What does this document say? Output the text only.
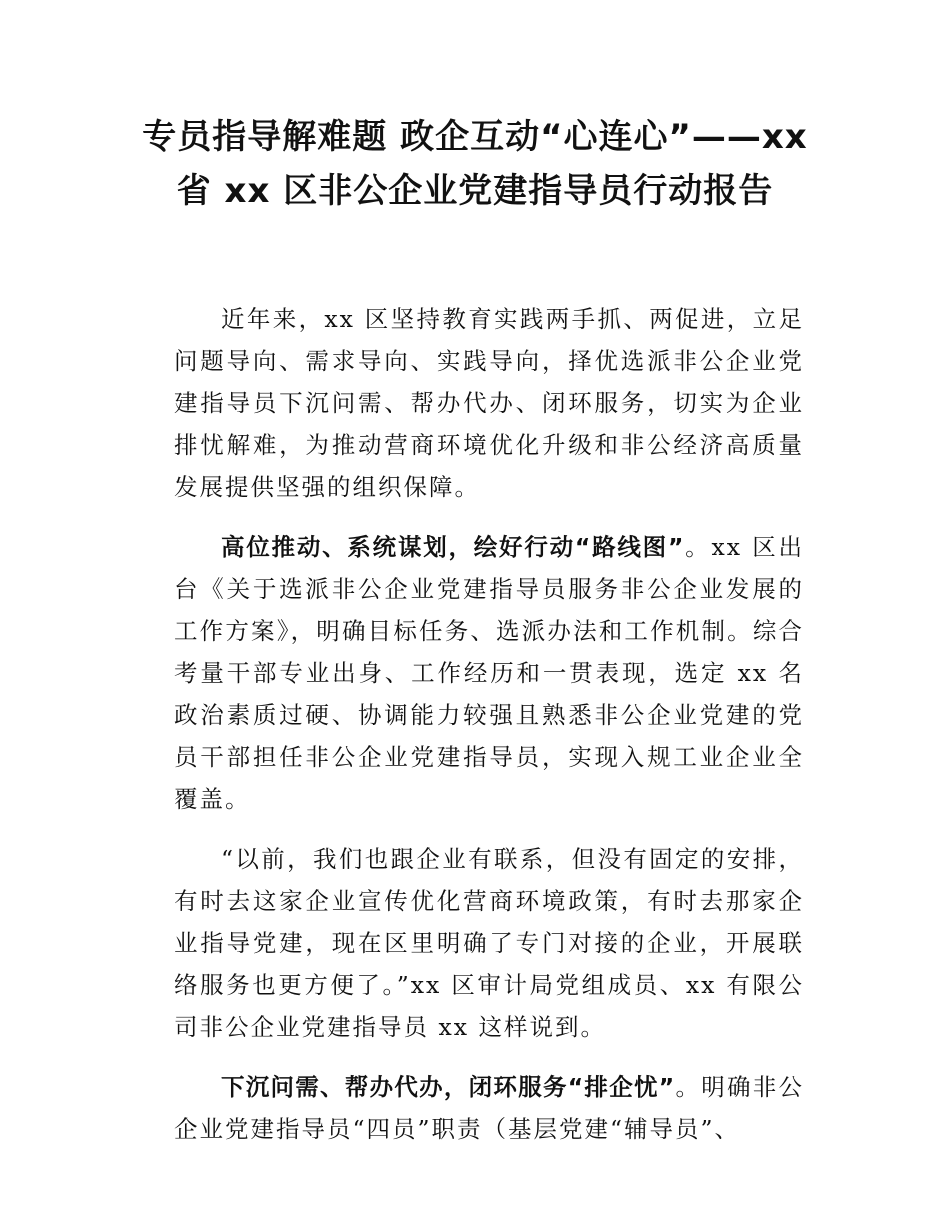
专员指导解难题 政企互动“心连心”——xx
省 xx 区非公企业党建指导员行动报告

近年来，xx 区坚持教育实践两手抓、两促进，立足问题导向、需求导向、实践导向，择优选派非公企业党建指导员下沉问需、帮办代办、闭环服务，切实为企业排忧解难，为推动营商环境优化升级和非公经济高质量发展提供坚强的组织保障。

高位推动、系统谋划，绘好行动“路线图”。xx 区出台《关于选派非公企业党建指导员服务非公企业发展的工作方案》，明确目标任务、选派办法和工作机制。综合考量干部专业出身、工作经历和一贯表现，选定 xx 名政治素质过硬、协调能力较强且熟悉非公企业党建的党员干部担任非公企业党建指导员，实现入规工业企业全覆盖。

“以前，我们也跟企业有联系，但没有固定的安排，有时去这家企业宣传优化营商环境政策，有时去那家企业指导党建，现在区里明确了专门对接的企业，开展联络服务也更方便了。”xx 区审计局党组成员、xx 有限公司非公企业党建指导员 xx 这样说到。

下沉问需、帮办代办，闭环服务“排企忧”。明确非公企业党建指导员“四员”职责（基层党建“辅导员”、
